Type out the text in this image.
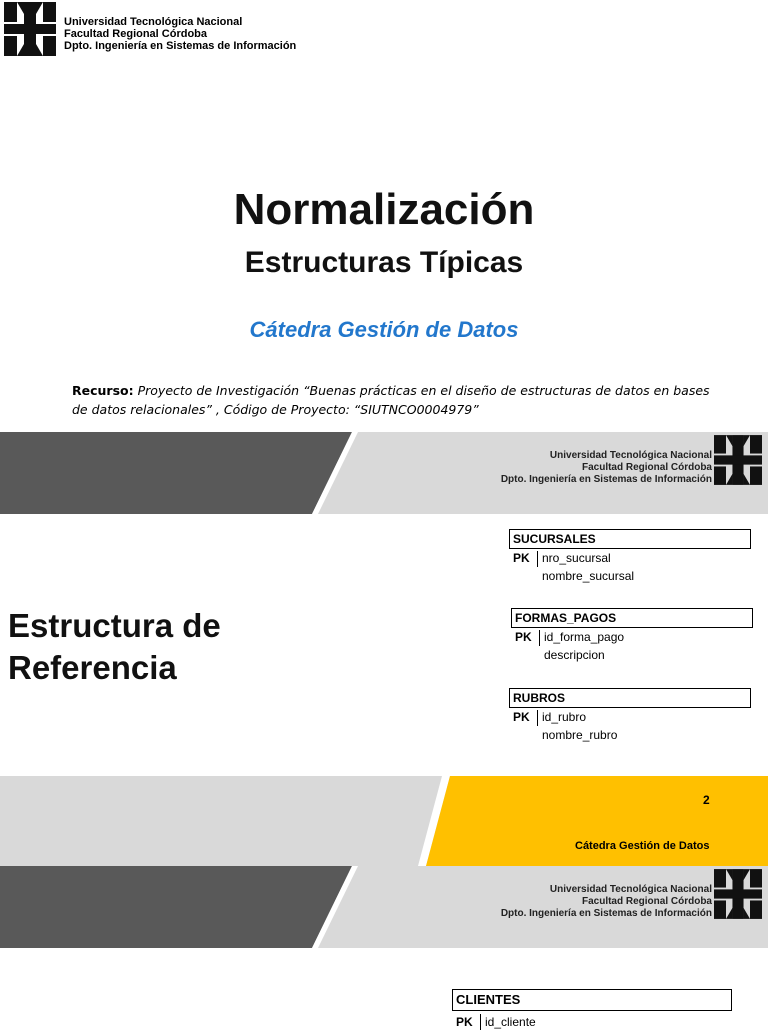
Universidad Tecnológica Nacional
Facultad Regional Córdoba
Dpto. Ingeniería en Sistemas de Información
Normalización
Estructuras Típicas
Cátedra Gestión de Datos
Recurso: Proyecto de Investigación “Buenas prácticas en el diseño de estructuras de datos en bases de datos relacionales” , Código de Proyecto: “SIUTNCO0004979”
Universidad Tecnológica Nacional
Facultad Regional Córdoba
Dpto. Ingeniería en Sistemas de Información
Estructura de
Referencia
SUCURSALES
PK nro_sucursal
nombre_sucursal
FORMAS_PAGOS
PK id_forma_pago
descripcion
RUBROS
PK id_rubro
nombre_rubro
2
Cátedra Gestión de Datos
Universidad Tecnológica Nacional
Facultad Regional Córdoba
Dpto. Ingeniería en Sistemas de Información
CLIENTES
PK id_cliente
